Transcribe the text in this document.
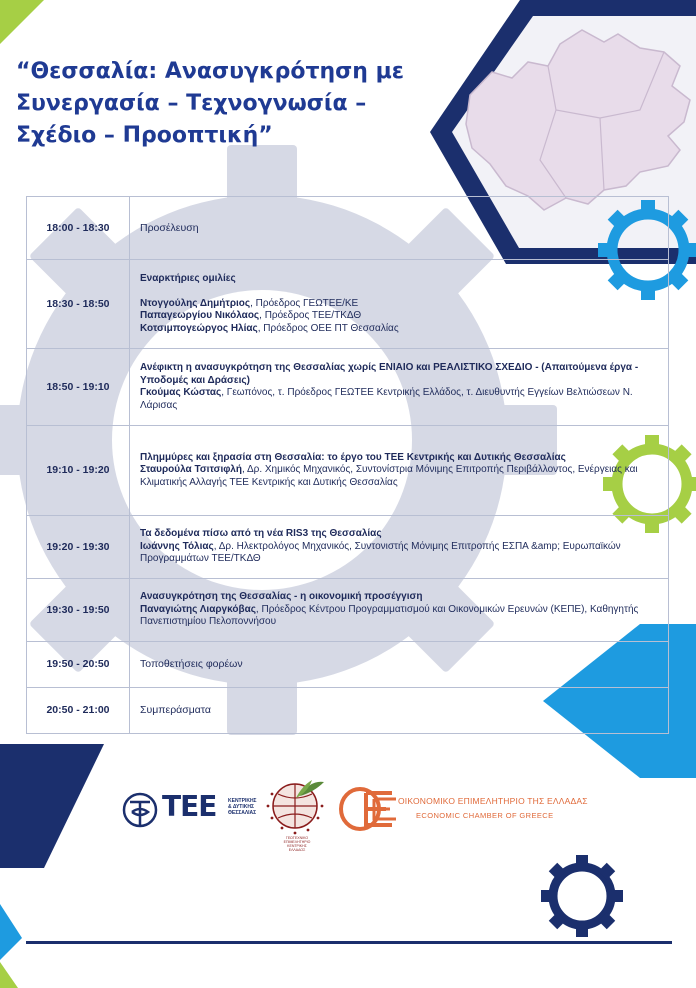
“Θεσσαλία: Ανασυγκρότηση με
Συνεργασία – Τεχνογνωσία –
Σχέδιο – Προοπτική”
18:00 - 18:30	Προσέλευση
18:30 - 18:50	Εναρκτήριες ομιλίες
Ντογγούλης Δημήτριος, Πρόεδρος ΓΕΩΤΕΕ/ΚΕ
Παπαγεωργίου Νικόλαος, Πρόεδρος ΤΕΕ/ΤΚΔΘ
Κοτσιμπογεώργος Ηλίας, Πρόεδρος ΟΕΕ ΠΤ Θεσσαλίας

18:50 - 19:10	Ανέφικτη η ανασυγκρότηση της Θεσσαλίας χωρίς ΕΝΙΑΙΟ και ΡΕΑΛΙΣΤΙΚΟ ΣΧΕΔΙΟ - (Απαιτούμενα έργα - Υποδομές και Δράσεις)
Γκούμας Κώστας, Γεωπόνος, τ. Πρόεδρος ΓΕΩΤΕΕ Κεντρικής Ελλάδος, τ. Διευθυντής Εγγείων Βελτιώσεων Ν. Λάρισας

19:10 - 19:20	Πλημμύρες και ξηρασία στη Θεσσαλία: το έργο του ΤΕΕ Κεντρικής και Δυτικής Θεσσαλίας
Σταυρούλα Τσιτσιφλή, Δρ. Χημικός Μηχανικός, Συντονίστρια Μόνιμης Επιτροπής Περιβάλλοντος, Ενέργειας και Κλιματικής Αλλαγής ΤΕΕ Κεντρικής και Δυτικής Θεσσαλίας

19:20 - 19:30	Τα δεδομένα πίσω από τη νέα RIS3 της Θεσσαλίας
Ιωάννης Τόλιας, Δρ. Ηλεκτρολόγος Μηχανικός, Συντονιστής Μόνιμης Επιτροπής ΕΣΠΑ &amp; Ευρωπαϊκών Προγραμμάτων ΤΕΕ/ΤΚΔΘ

19:30 - 19:50	Ανασυγκρότηση της Θεσσαλίας - η οικονομική προσέγγιση
Παναγιώτης Λιαργκόβας, Πρόεδρος Κέντρου Προγραμματισμού και Οικονομικών Ερευνών (ΚΕΠΕ), Καθηγητής Πανεπιστημίου Πελοποννήσου

19:50 - 20:50	Τοποθετήσεις φορέων
20:50 - 21:00	Συμπεράσματα
ΤΕΕ ΚΕΝΤΡΙΚΗΣ
& ΔΥΤΙΚΗΣ
ΘΕΣΣΑΛΙΑΣ
ΓΕΩΤΕΧΝΙΚΟ ΕΠΙΜΕΛΗΤΗΡΙΟ
ΚΕΝΤΡΙΚΗΣ
ΕΛΛΑΔΟΣ
ΟΙΚΟΝΟΜΙΚΟ ΕΠΙΜΕΛΗΤΗΡΙΟ ΤΗΣ ΕΛΛΑΔΑΣ
ECONOMIC CHAMBER OF GREECE
